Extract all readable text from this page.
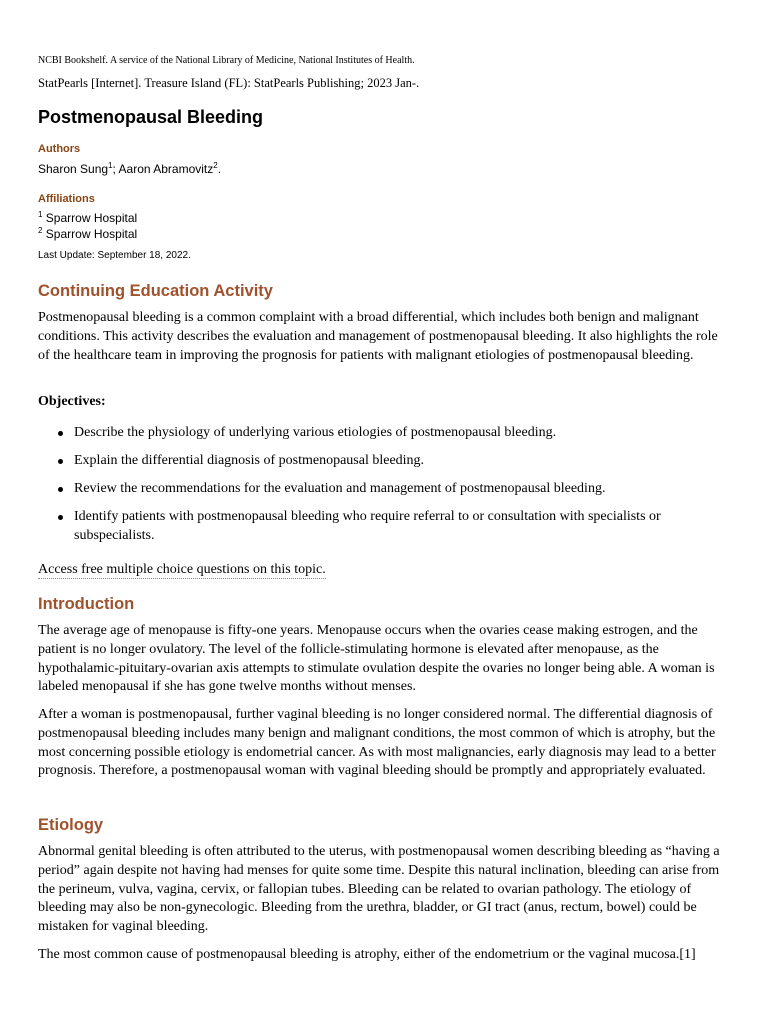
NCBI Bookshelf. A service of the National Library of Medicine, National Institutes of Health.
StatPearls [Internet]. Treasure Island (FL): StatPearls Publishing; 2023 Jan-.
Postmenopausal Bleeding
Authors
Sharon Sung$^1$; Aaron Abramovitz$^2$.
Affiliations
$^1$ Sparrow Hospital
$^2$ Sparrow Hospital
Last Update: September 18, 2022.
Continuing Education Activity

Postmenopausal bleeding is a common complaint with a broad differential, which includes both benign and malignant conditions. This activity describes the evaluation and management of postmenopausal bleeding. It also highlights the role of the healthcare team in improving the prognosis for patients with malignant etiologies of postmenopausal bleeding.

Objectives:

Describe the physiology of underlying various etiologies of postmenopausal bleeding.
Explain the differential diagnosis of postmenopausal bleeding.
Review the recommendations for the evaluation and management of postmenopausal bleeding.
Identify patients with postmenopausal bleeding who require referral to or consultation with specialists or subspecialists.
Access free multiple choice questions on this topic.
Introduction

The average age of menopause is fifty-one years. Menopause occurs when the ovaries cease making estrogen, and the patient is no longer ovulatory. The level of the follicle-stimulating hormone is elevated after menopause, as the hypothalamic-pituitary-ovarian axis attempts to stimulate ovulation despite the ovaries no longer being able. A woman is labeled menopausal if she has gone twelve months without menses.

After a woman is postmenopausal, further vaginal bleeding is no longer considered normal. The differential diagnosis of postmenopausal bleeding includes many benign and malignant conditions, the most common of which is atrophy, but the most concerning possible etiology is endometrial cancer. As with most malignancies, early diagnosis may lead to a better prognosis. Therefore, a postmenopausal woman with vaginal bleeding should be promptly and appropriately evaluated.

Etiology

Abnormal genital bleeding is often attributed to the uterus, with postmenopausal women describing bleeding as “having a period” again despite not having had menses for quite some time. Despite this natural inclination, bleeding can arise from the perineum, vulva, vagina, cervix, or fallopian tubes. Bleeding can be related to ovarian pathology. The etiology of bleeding may also be non-gynecologic. Bleeding from the urethra, bladder, or GI tract (anus, rectum, bowel) could be mistaken for vaginal bleeding.

The most common cause of postmenopausal bleeding is atrophy, either of the endometrium or the vaginal mucosa.[1]
